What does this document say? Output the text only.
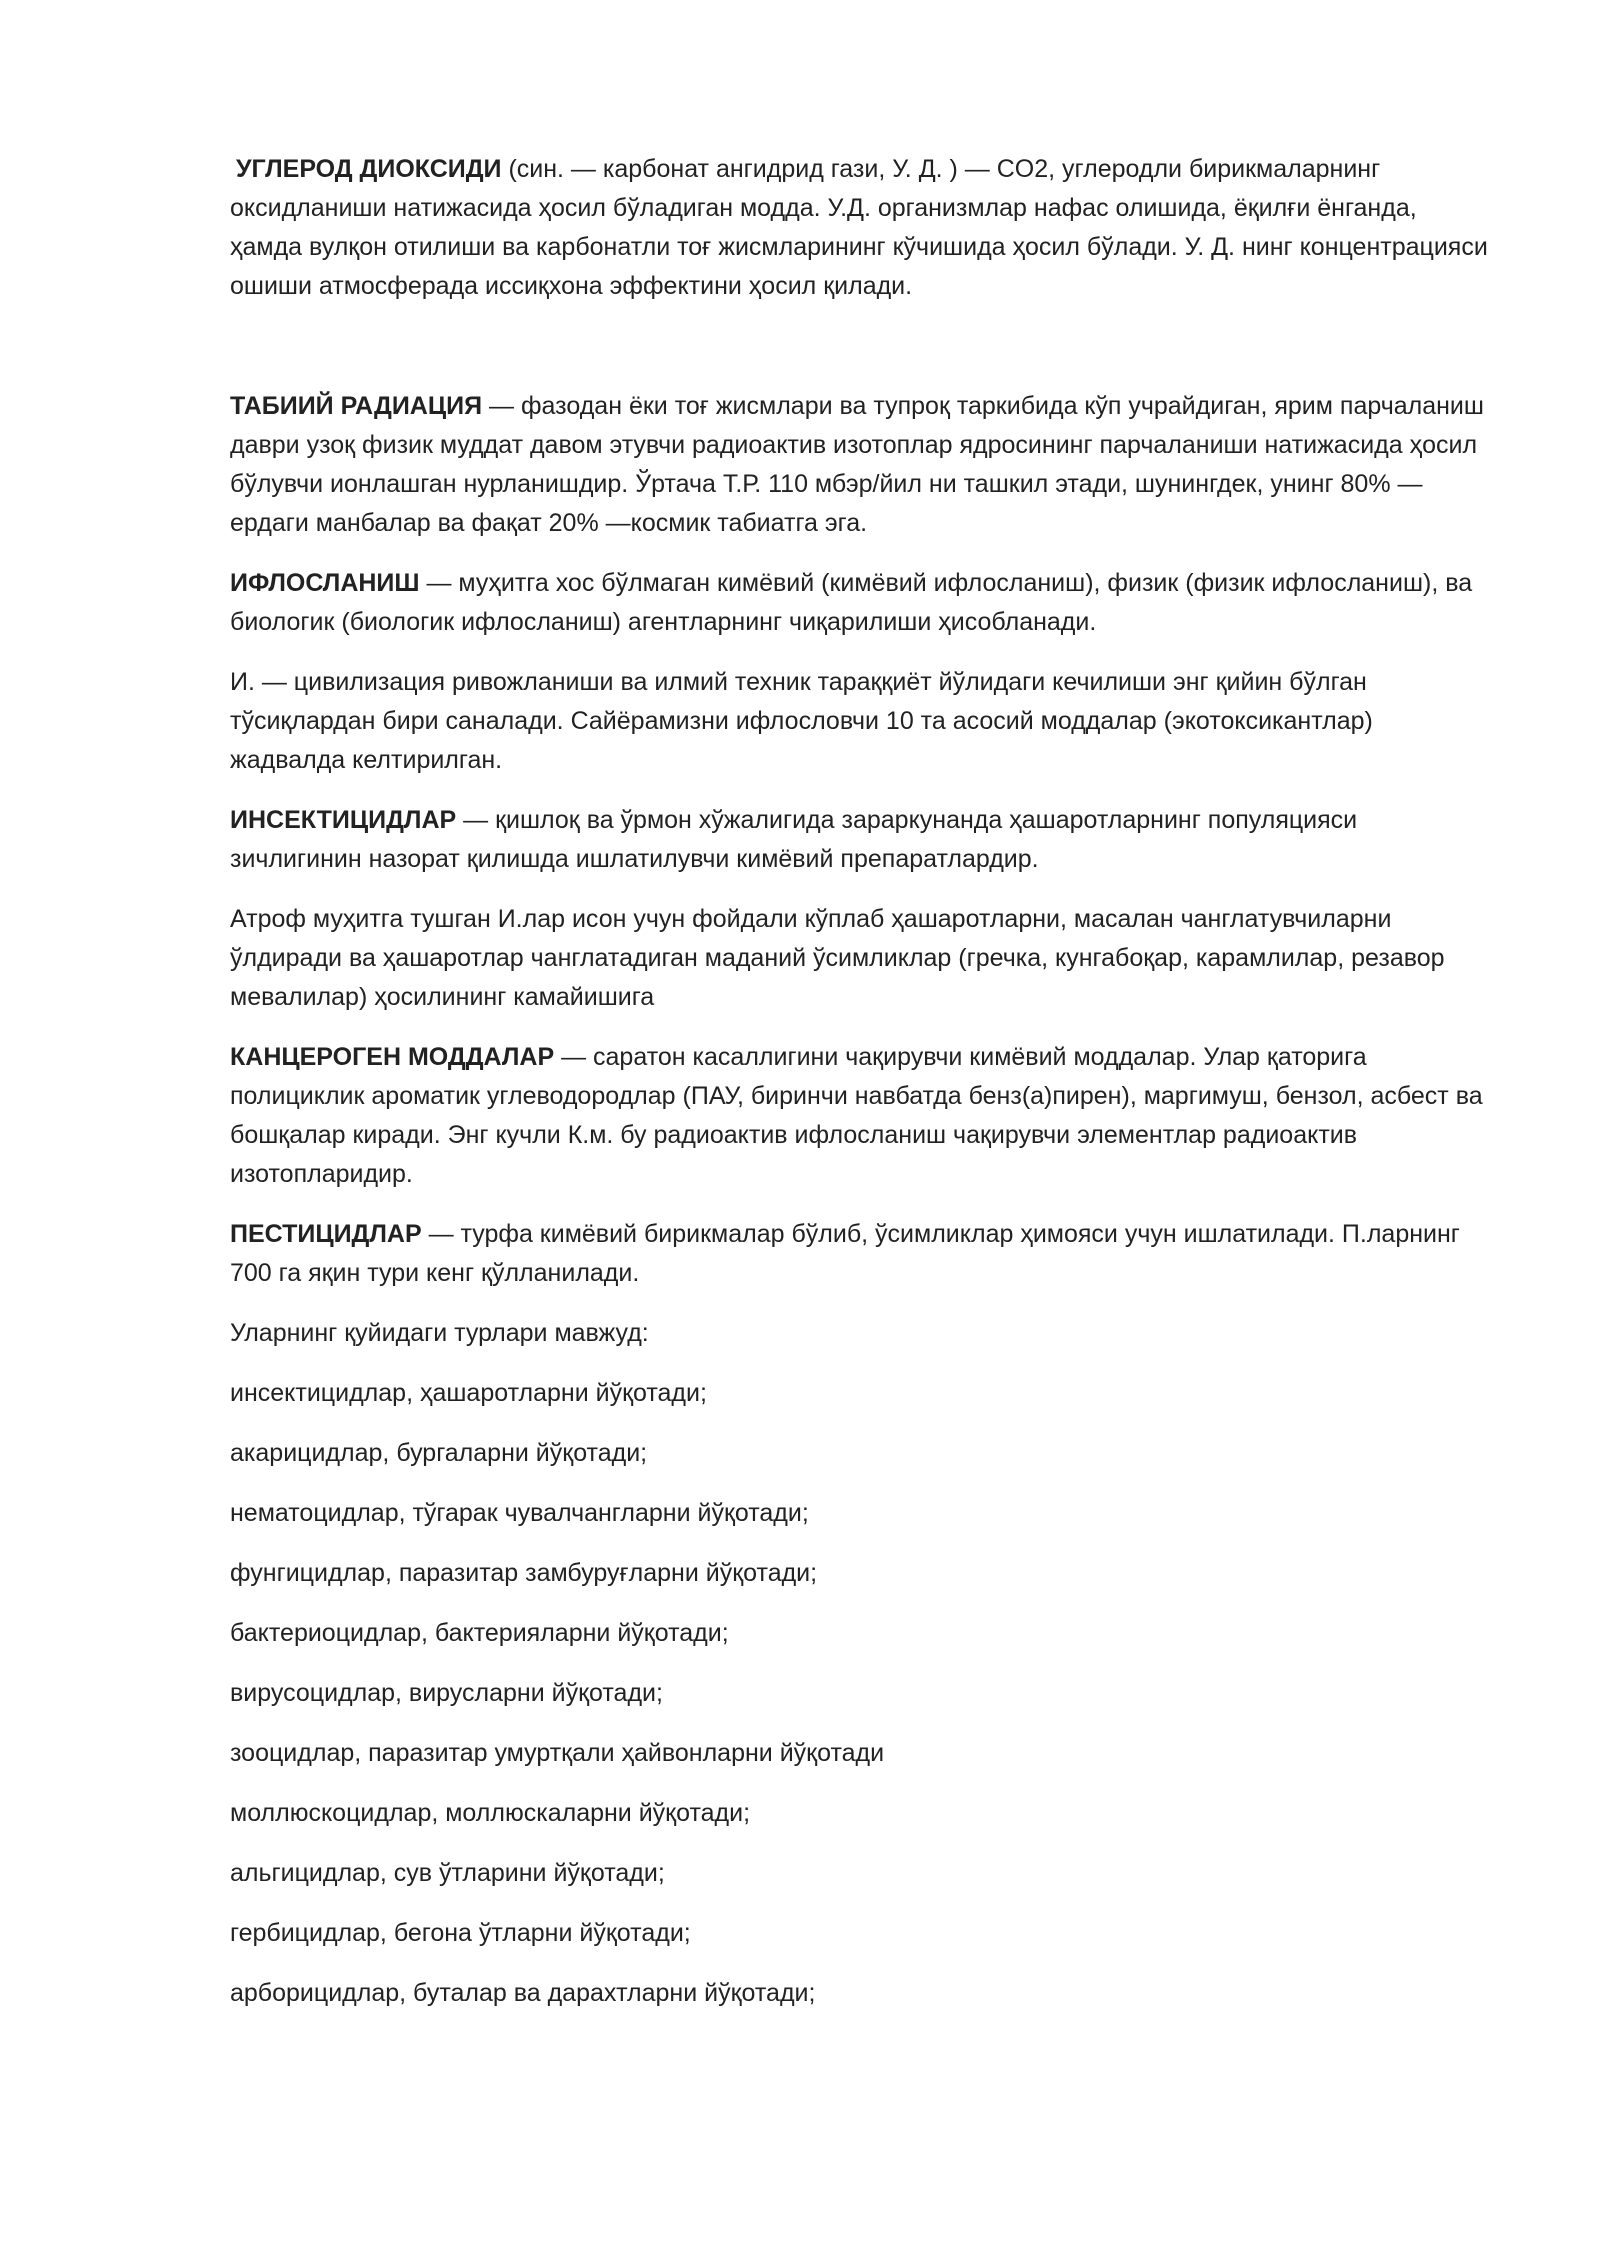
УГЛЕРОД ДИОКСИДИ (син. — карбонат ангидрид гази, У. Д. ) — CO2, углеродли бирикмаларнинг оксидланиши натижасида ҳосил бўладиган модда. У.Д. организмлар нафас олишида, ёқилғи ёнганда, ҳамда вулқон отилиши ва карбонатли тоғ жисмларининг кўчишида ҳосил бўлади. У. Д. нинг концентрацияси ошиши атмосферада иссиқхона эффектини ҳосил қилади.

ТАБИИЙ РАДИАЦИЯ — фазодан ёки тоғ жисмлари ва тупроқ таркибида кўп учрайдиган, ярим парчаланиш даври узоқ физик муддат давом этувчи радиоактив изотоплар ядросининг парчаланиши натижасида ҳосил бўлувчи ионлашган нурланишдир. Ўртача Т.Р. 110 мбэр/йил ни ташкил этади, шунингдек, унинг 80% — ердаги манбалар ва фақат 20% —космик табиатга эга.

ИФЛОСЛАНИШ — муҳитга хос бўлмаган кимёвий (кимёвий ифлосланиш), физик (физик ифлосланиш), ва биологик (биологик ифлосланиш) агентларнинг чиқарилиши ҳисобланади.

И. — цивилизация ривожланиши ва илмий техник тараққиёт йўлидаги кечилиши энг қийин бўлган тўсиқлардан бири саналади. Сайёрамизни ифлословчи 10 та асосий моддалар (экотоксикантлар) жадвалда келтирилган.

ИНСЕКТИЦИДЛАР — қишлоқ ва ўрмон хўжалигида зараркунанда ҳашаротларнинг популяцияси зичлигинин назорат қилишда ишлатилувчи кимёвий препаратлардир.

Атроф муҳитга тушган И.лар исон учун фойдали кўплаб ҳашаротларни, масалан чанглатувчиларни ўлдиради ва ҳашаротлар чанглатадиган маданий ўсимликлар (гречка, кунгабоқар, карамлилар, резавор мевалилар) ҳосилининг камайишига

КАНЦЕРОГЕН МОДДАЛАР — саратон касаллигини чақирувчи кимёвий моддалар. Улар қаторига полициклик ароматик углеводородлар (ПАУ, биринчи навбатда бенз(а)пирен), маргимуш, бензол, асбест ва бошқалар киради. Энг кучли К.м. бу радиоактив ифлосланиш чақирувчи элементлар радиоактив изотопларидир.

ПЕСТИЦИДЛАР — турфа кимёвий бирикмалар бўлиб, ўсимликлар ҳимояси учун ишлатилади. П.ларнинг 700 га яқин тури кенг қўлланилади.

Уларнинг қуйидаги турлари мавжуд:

инсектицидлар, ҳашаротларни йўқотади;
акарицидлар, бургаларни йўқотади;
нематоцидлар, тўгарак чувалчангларни йўқотади;
фунгицидлар, паразитар замбуруғларни йўқотади;
бактериоцидлар, бактерияларни йўқотади;
вирусоцидлар, вирусларни йўқотади;
зооцидлар, паразитар умуртқали ҳайвонларни йўқотади
моллюскоцидлар, моллюскаларни йўқотади;
альгицидлар, сув ўтларини йўқотади;
гербицидлар, бегона ўтларни йўқотади;
арборицидлар, буталар ва дарахтларни йўқотади;
